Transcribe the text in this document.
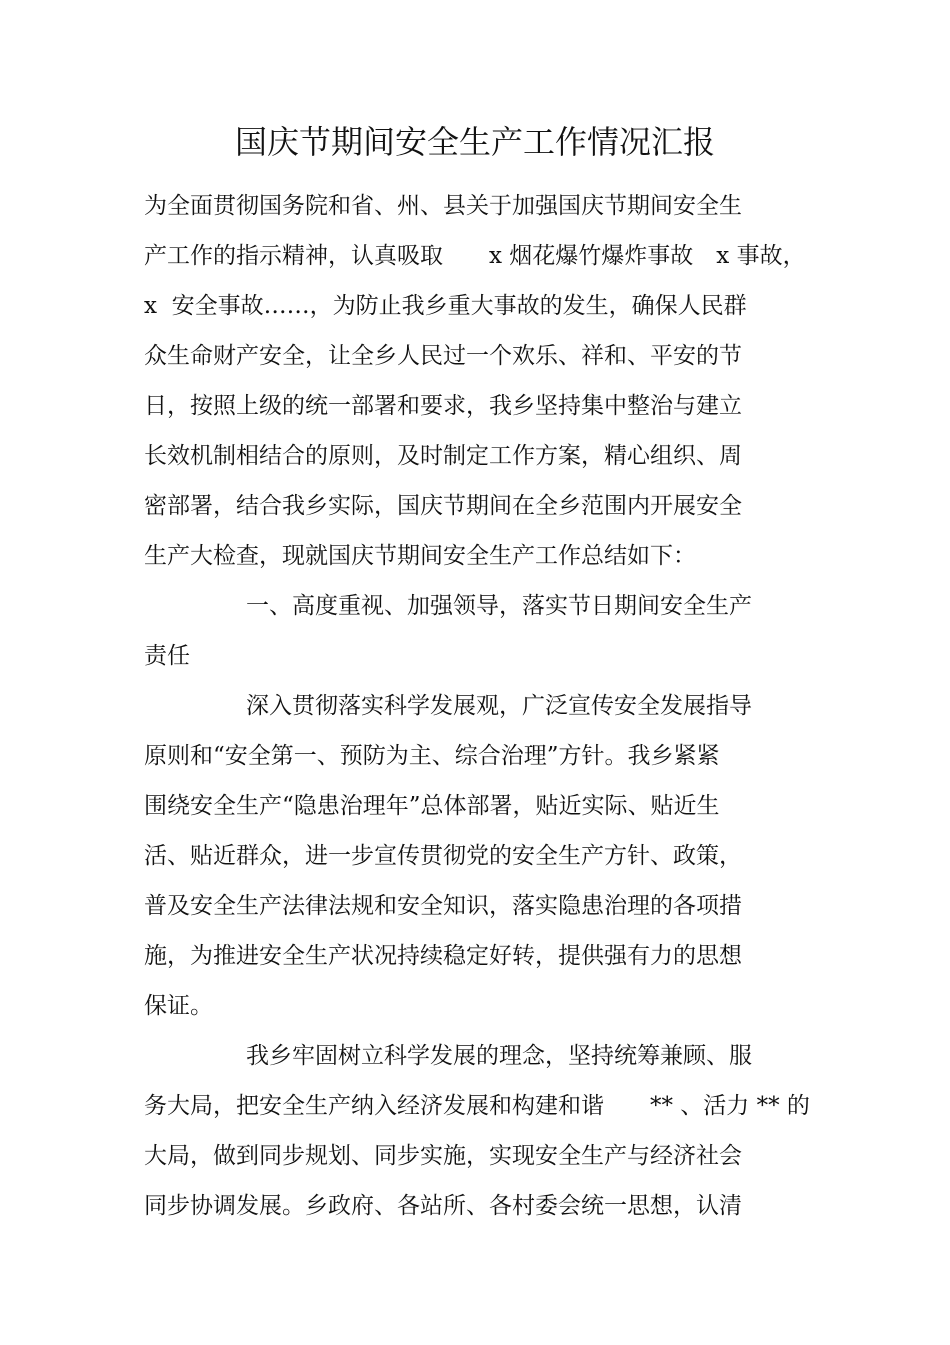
国庆节期间安全生产工作情况汇报

为全面贯彻国务院和省、州、县关于加强国庆节期间安全生

产工作的指示精神，认真吸取　　x 烟花爆竹爆炸事故　x 事故，

x  安全事故……，为防止我乡重大事故的发生，确保人民群

众生命财产安全，让全乡人民过一个欢乐、祥和、平安的节

日，按照上级的统一部署和要求，我乡坚持集中整治与建立

长效机制相结合的原则，及时制定工作方案，精心组织、周

密部署，结合我乡实际，国庆节期间在全乡范围内开展安全

生产大检查，现就国庆节期间安全生产工作总结如下：

一、高度重视、加强领导，落实节日期间安全生产

责任

深入贯彻落实科学发展观，广泛宣传安全发展指导

原则和“安全第一、预防为主、综合治理”方针。我乡紧紧

围绕安全生产“隐患治理年”总体部署，贴近实际、贴近生

活、贴近群众，进一步宣传贯彻党的安全生产方针、政策，

普及安全生产法律法规和安全知识，落实隐患治理的各项措

施，为推进安全生产状况持续稳定好转，提供强有力的思想

保证。

我乡牢固树立科学发展的理念，坚持统筹兼顾、服

务大局，把安全生产纳入经济发展和构建和谐　　** 、活力 ** 的

大局，做到同步规划、同步实施，实现安全生产与经济社会

同步协调发展。乡政府、各站所、各村委会统一思想，认清
